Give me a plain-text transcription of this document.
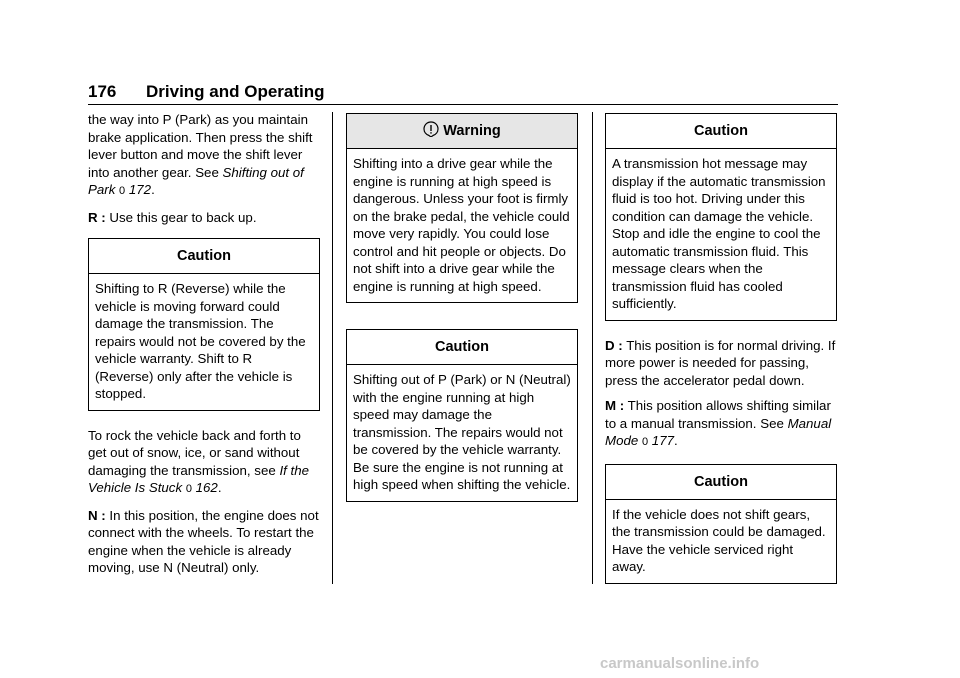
176 Driving and Operating

the way into P (Park) as you maintain brake application. Then press the shift lever button and move the shift lever into another gear. See Shifting out of Park 0 172.

R : Use this gear to back up.

Caution
Shifting to R (Reverse) while the vehicle is moving forward could damage the transmission. The repairs would not be covered by the vehicle warranty. Shift to R (Reverse) only after the vehicle is stopped.

To rock the vehicle back and forth to get out of snow, ice, or sand without damaging the transmission, see If the Vehicle Is Stuck 0 162.

N : In this position, the engine does not connect with the wheels. To restart the engine when the vehicle is already moving, use N (Neutral) only.

Warning
Shifting into a drive gear while the engine is running at high speed is dangerous. Unless your foot is firmly on the brake pedal, the vehicle could move very rapidly. You could lose control and hit people or objects. Do not shift into a drive gear while the engine is running at high speed.
Caution
Shifting out of P (Park) or N (Neutral) with the engine running at high speed may damage the transmission. The repairs would not be covered by the vehicle warranty. Be sure the engine is not running at high speed when shifting the vehicle.
Caution
A transmission hot message may display if the automatic transmission fluid is too hot. Driving under this condition can damage the vehicle. Stop and idle the engine to cool the automatic transmission fluid. This message clears when the transmission fluid has cooled sufficiently.

D : This position is for normal driving. If more power is needed for passing, press the accelerator pedal down.

M : This position allows shifting similar to a manual transmission. See Manual Mode 0 177.

Caution
If the vehicle does not shift gears, the transmission could be damaged. Have the vehicle serviced right away.
carmanualsonline.info
